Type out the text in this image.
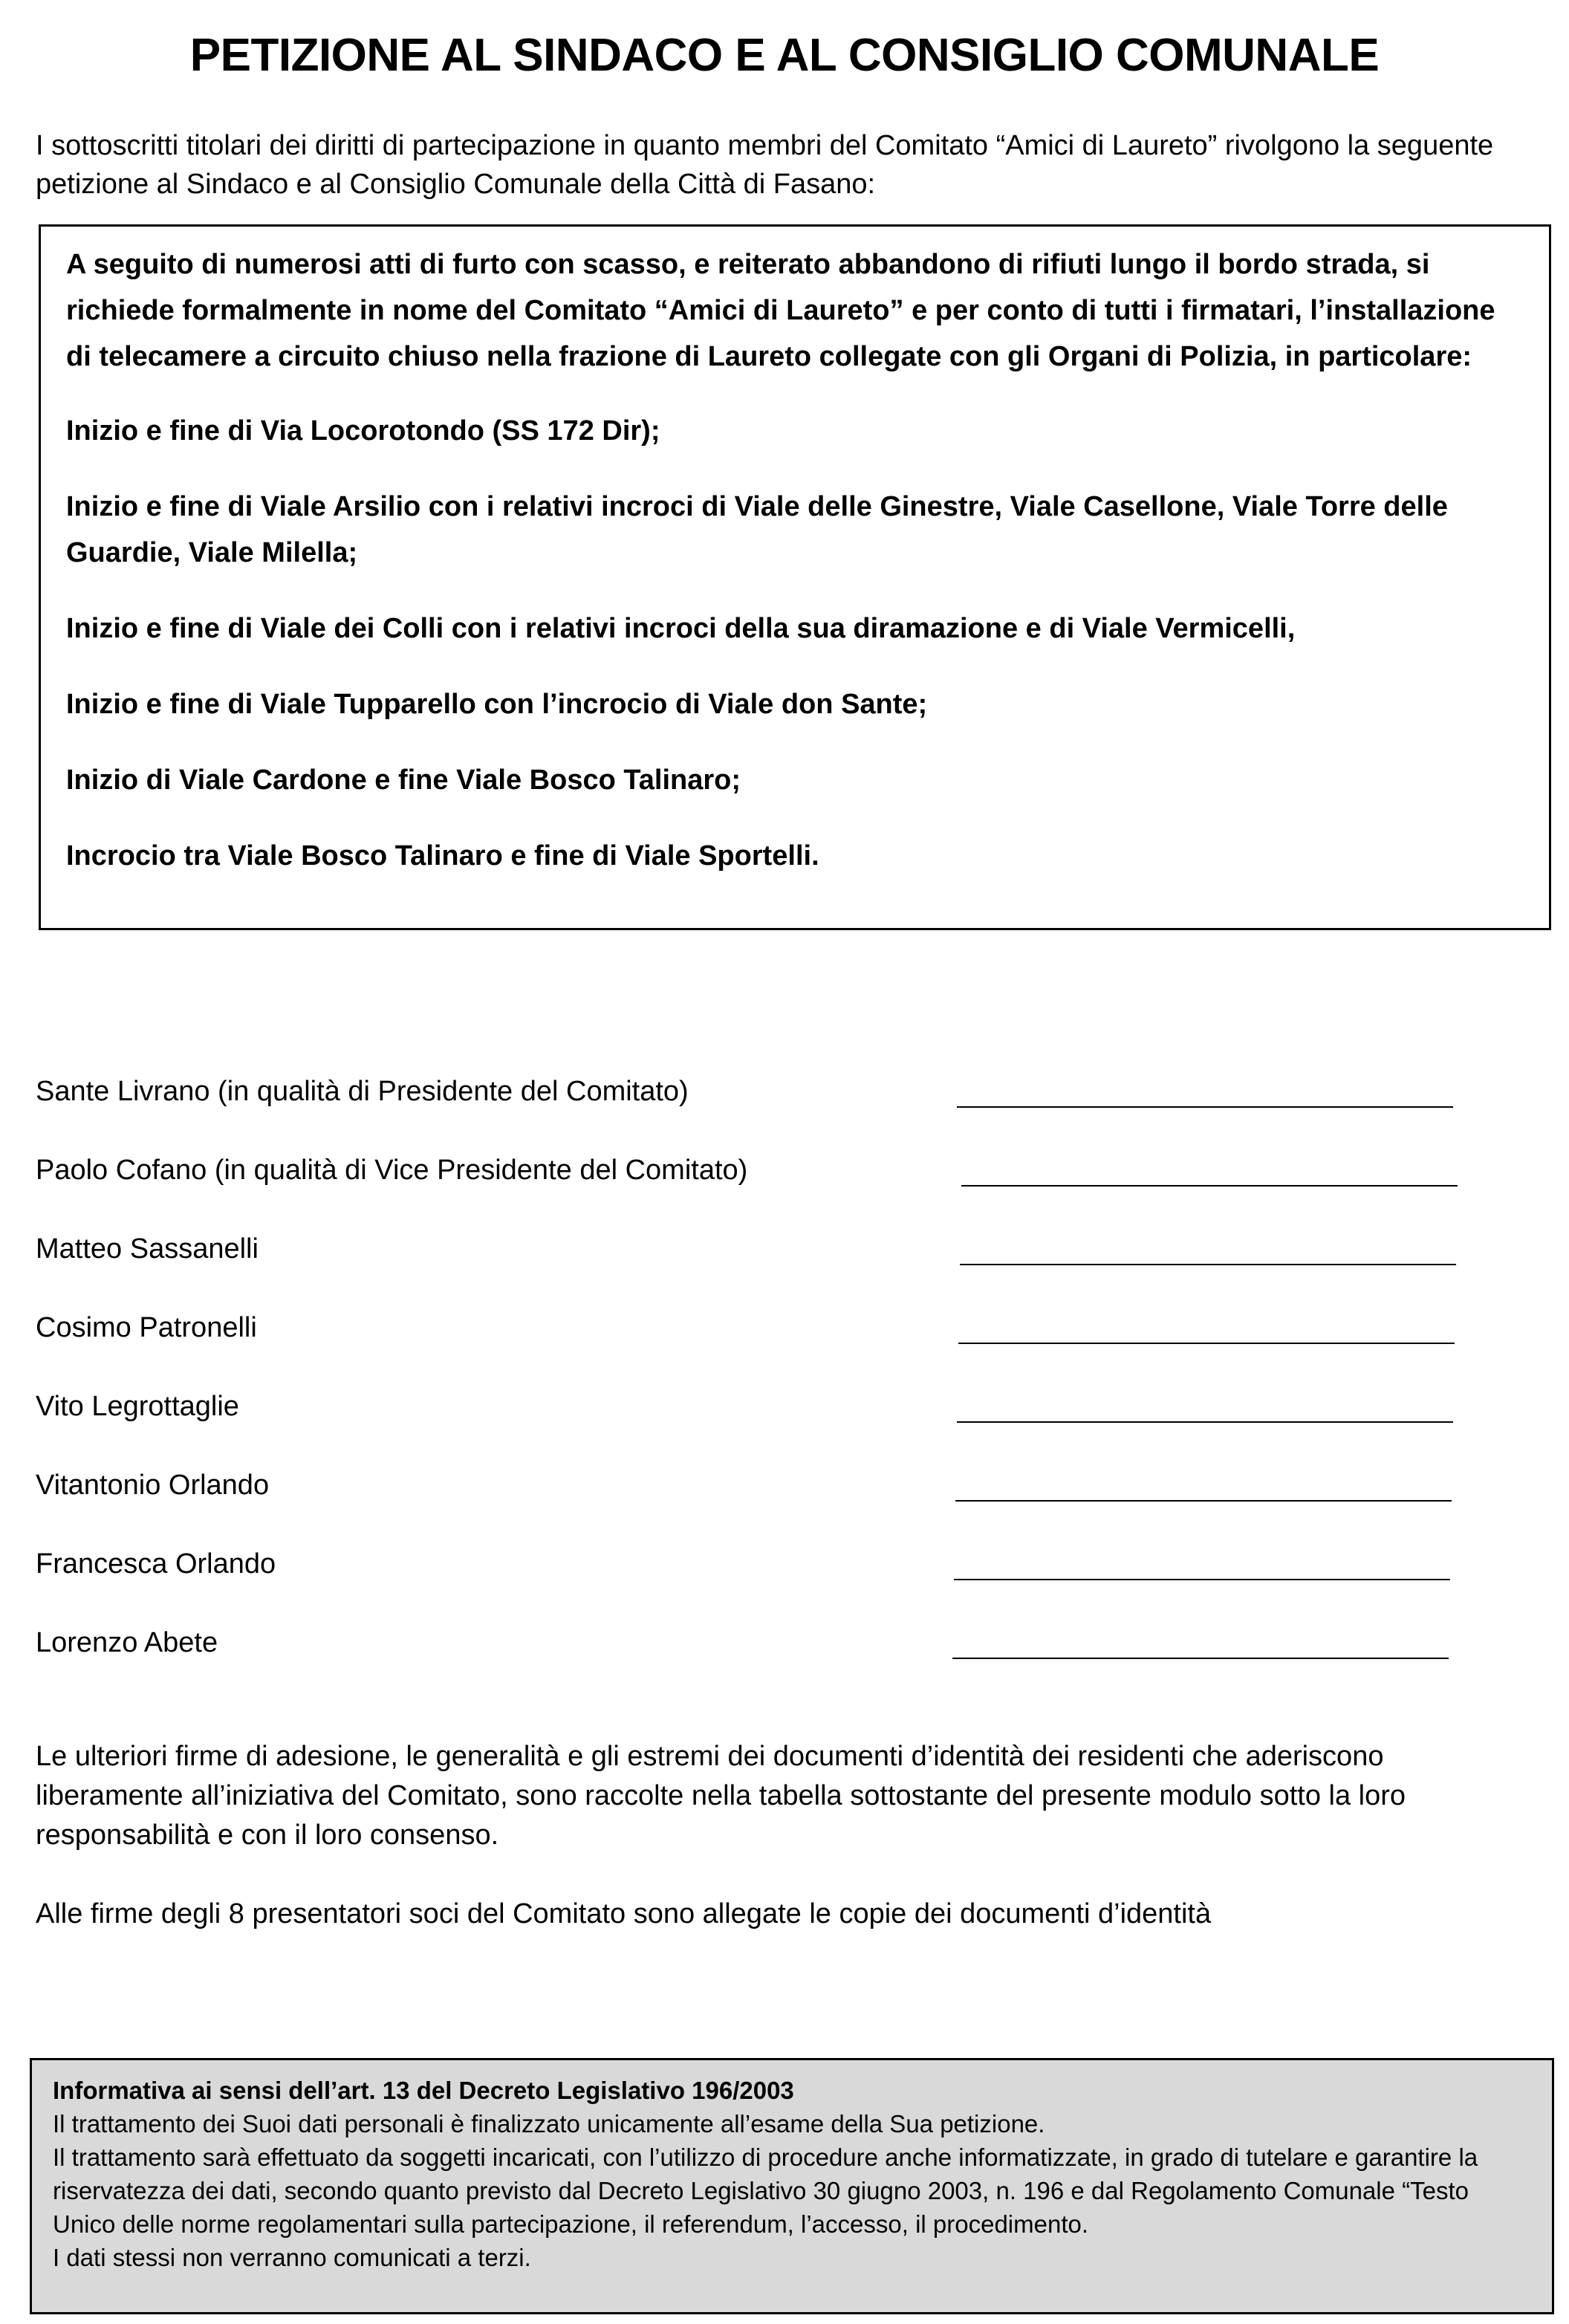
PETIZIONE AL SINDACO E AL CONSIGLIO COMUNALE
I sottoscritti titolari dei diritti di partecipazione in quanto membri del Comitato “Amici di Laureto” rivolgono la seguente petizione al Sindaco e al Consiglio Comunale della Città di Fasano:

A seguito di numerosi atti di furto con scasso, e reiterato abbandono di rifiuti lungo il bordo strada, si richiede formalmente in nome del Comitato “Amici di Laureto” e per conto di tutti i firmatari, l’installazione di telecamere a circuito chiuso nella frazione di Laureto collegate con gli Organi di Polizia, in particolare:

Inizio e fine di Via Locorotondo (SS 172 Dir);

Inizio e fine di Viale Arsilio con i relativi incroci di Viale delle Ginestre, Viale Casellone, Viale Torre delle Guardie, Viale Milella;

Inizio e fine di Viale dei Colli con i relativi incroci della sua diramazione e di Viale Vermicelli,

Inizio e fine di Viale Tupparello con l’incrocio di Viale don Sante;

Inizio di Viale Cardone e fine Viale Bosco Talinaro;

Incrocio tra Viale Bosco Talinaro e fine di Viale Sportelli.

Sante Livrano (in qualità di Presidente del Comitato)
Paolo Cofano (in qualità di Vice Presidente del Comitato)
Matteo Sassanelli
Cosimo Patronelli
Vito Legrottaglie
Vitantonio Orlando
Francesca Orlando
Lorenzo Abete
Le ulteriori firme di adesione, le generalità e gli estremi dei documenti d’identità dei residenti che aderiscono liberamente all’iniziativa del Comitato, sono raccolte nella tabella sottostante del presente modulo sotto la loro responsabilità e con il loro consenso.
Alle firme degli 8 presentatori soci del Comitato sono allegate le copie dei documenti d’identità
Informativa ai sensi dell’art. 13 del Decreto Legislativo 196/2003
Il trattamento dei Suoi dati personali è finalizzato unicamente all’esame della Sua petizione.
Il trattamento sarà effettuato da soggetti incaricati, con l’utilizzo di procedure anche informatizzate, in grado di tutelare e garantire la riservatezza dei dati, secondo quanto previsto dal Decreto Legislativo 30 giugno 2003, n. 196 e dal Regolamento Comunale “Testo Unico delle norme regolamentari sulla partecipazione, il referendum, l’accesso, il procedimento.
I dati stessi non verranno comunicati a terzi.
